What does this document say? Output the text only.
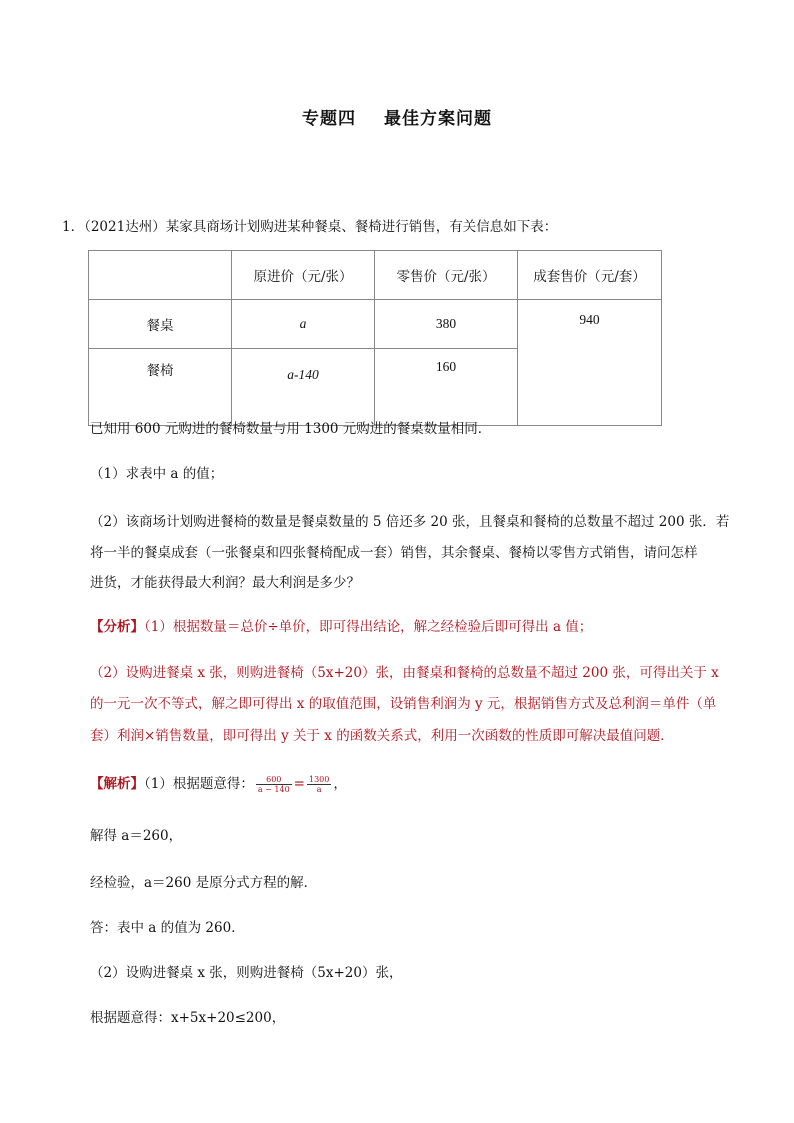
专题四 最佳方案问题
1．（2021达州）某家具商场计划购进某种餐桌、餐椅进行销售，有关信息如下表：
	原进价（元/张）	零售价（元/张）	成套售价（元/套）
餐桌	a	380	940
餐椅	a-140	160	
已知用 600 元购进的餐椅数量与用 1300 元购进的餐桌数量相同．
（1）求表中 a 的值；
（2）该商场计划购进餐椅的数量是餐桌数量的 5 倍还多 20 张，且餐桌和餐椅的总数量不超过 200 张．若
将一半的餐桌成套（一张餐桌和四张餐椅配成一套）销售，其余餐桌、餐椅以零售方式销售，请问怎样
进货，才能获得最大利润？最大利润是多少？
【分析】（1）根据数量＝总价÷单价，即可得出结论，解之经检验后即可得出 a 值；
（2）设购进餐桌 x 张，则购进餐椅（5x+20）张，由餐桌和餐椅的总数量不超过 200 张，可得出关于 x
的一元一次不等式，解之即可得出 x 的取值范围，设销售利润为 y 元，根据销售方式及总利润＝单件（单
套）利润×销售数量，即可得出 y 关于 x 的函数关系式，利用一次函数的性质即可解决最值问题．
【解析】（1）根据题意得： $\frac{600}{a - 140} = \frac{1300}{a}$ ，
解得 a＝260，
经检验，a＝260 是原分式方程的解．
答：表中 a 的值为 260．
（2）设购进餐桌 x 张，则购进餐椅（5x+20）张，
根据题意得：x+5x+20≤200，
